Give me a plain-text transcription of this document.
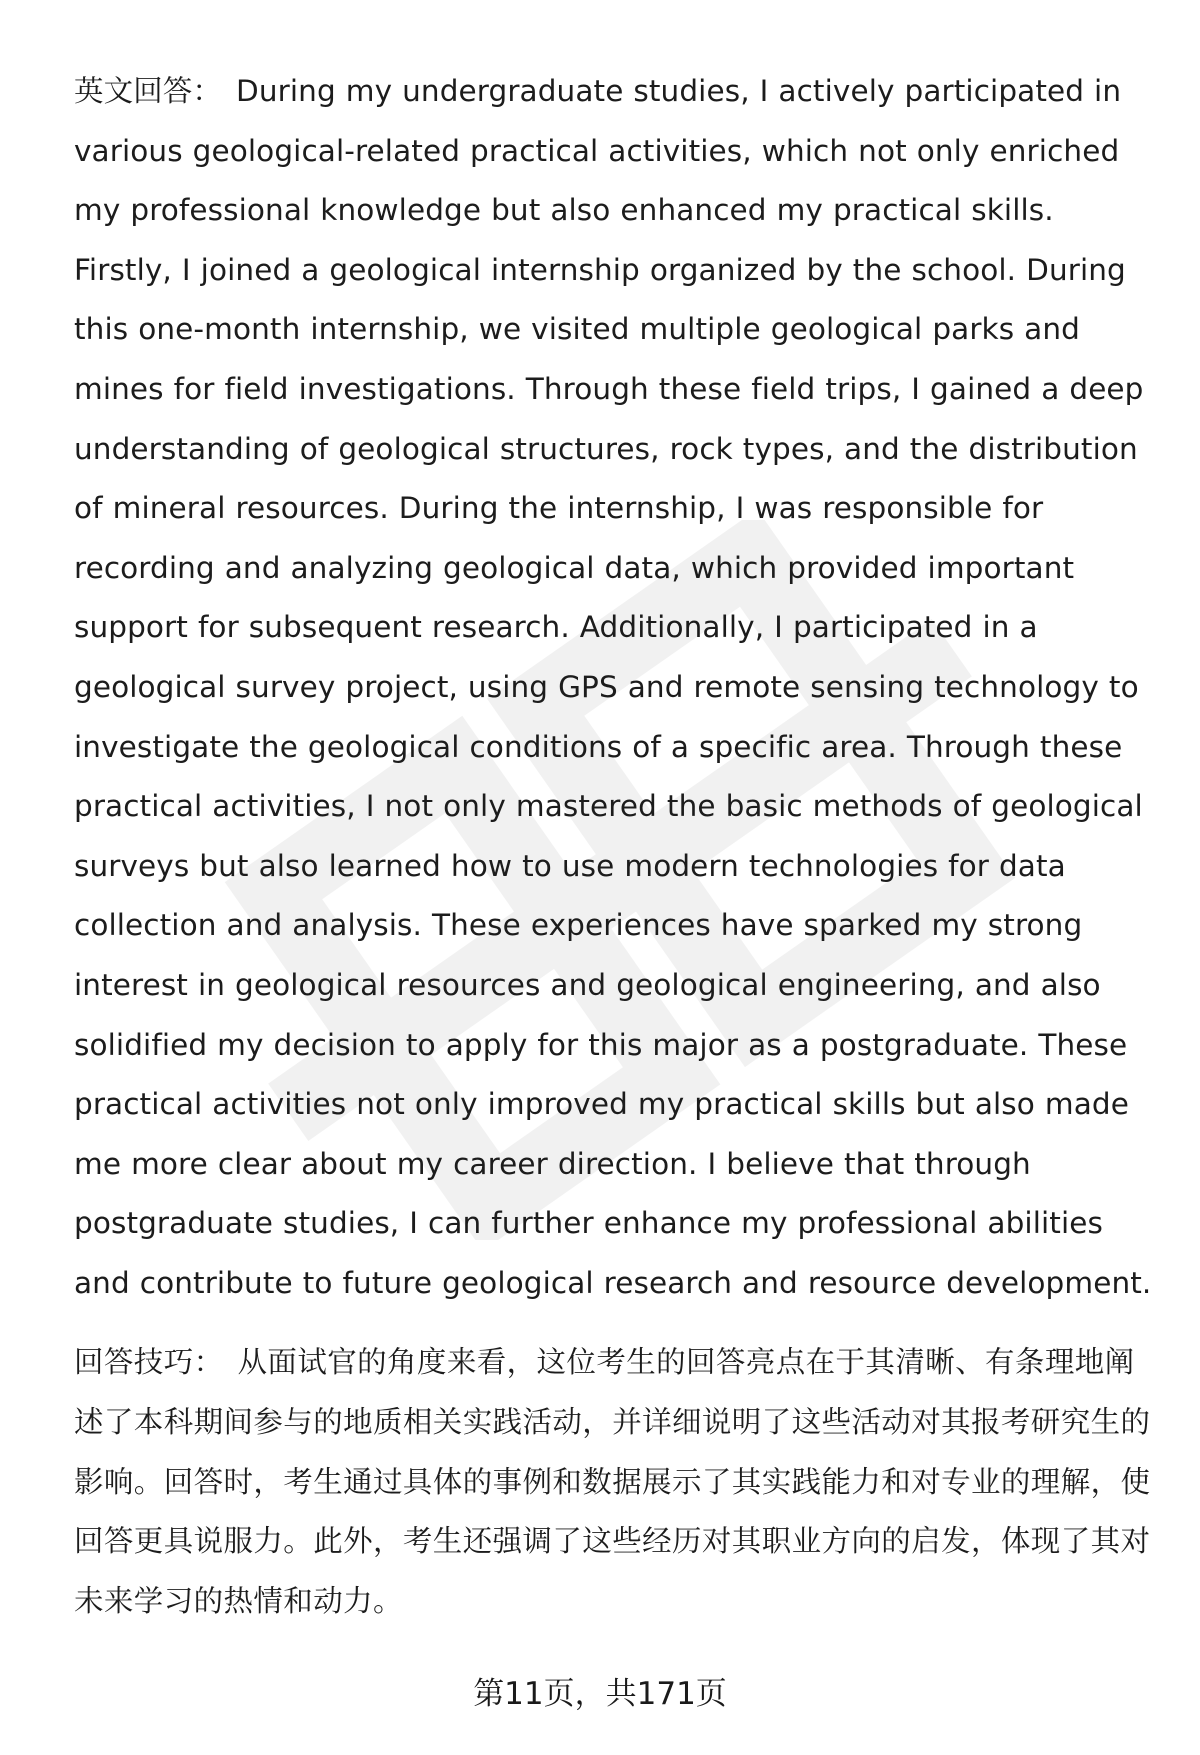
英文回答： During my undergraduate studies, I actively participated in various geological-related practical activities, which not only enriched my professional knowledge but also enhanced my practical skills. Firstly, I joined a geological internship organized by the school. During this one-month internship, we visited multiple geological parks and mines for field investigations. Through these field trips, I gained a deep understanding of geological structures, rock types, and the distribution of mineral resources. During the internship, I was responsible for recording and analyzing geological data, which provided important support for subsequent research. Additionally, I participated in a geological survey project, using GPS and remote sensing technology to investigate the geological conditions of a specific area. Through these practical activities, I not only mastered the basic methods of geological surveys but also learned how to use modern technologies for data collection and analysis. These experiences have sparked my strong interest in geological resources and geological engineering, and also solidified my decision to apply for this major as a postgraduate. These practical activities not only improved my practical skills but also made me more clear about my career direction. I believe that through postgraduate studies, I can further enhance my professional abilities and contribute to future geological research and resource development.

回答技巧： 从面试官的角度来看，这位考生的回答亮点在于其清晰、有条理地阐述了本科期间参与的地质相关实践活动，并详细说明了这些活动对其报考研究生的影响。回答时，考生通过具体的事例和数据展示了其实践能力和对专业的理解，使回答更具说服力。此外，考生还强调了这些经历对其职业方向的启发，体现了其对未来学习的热情和动力。

第11页，共171页
